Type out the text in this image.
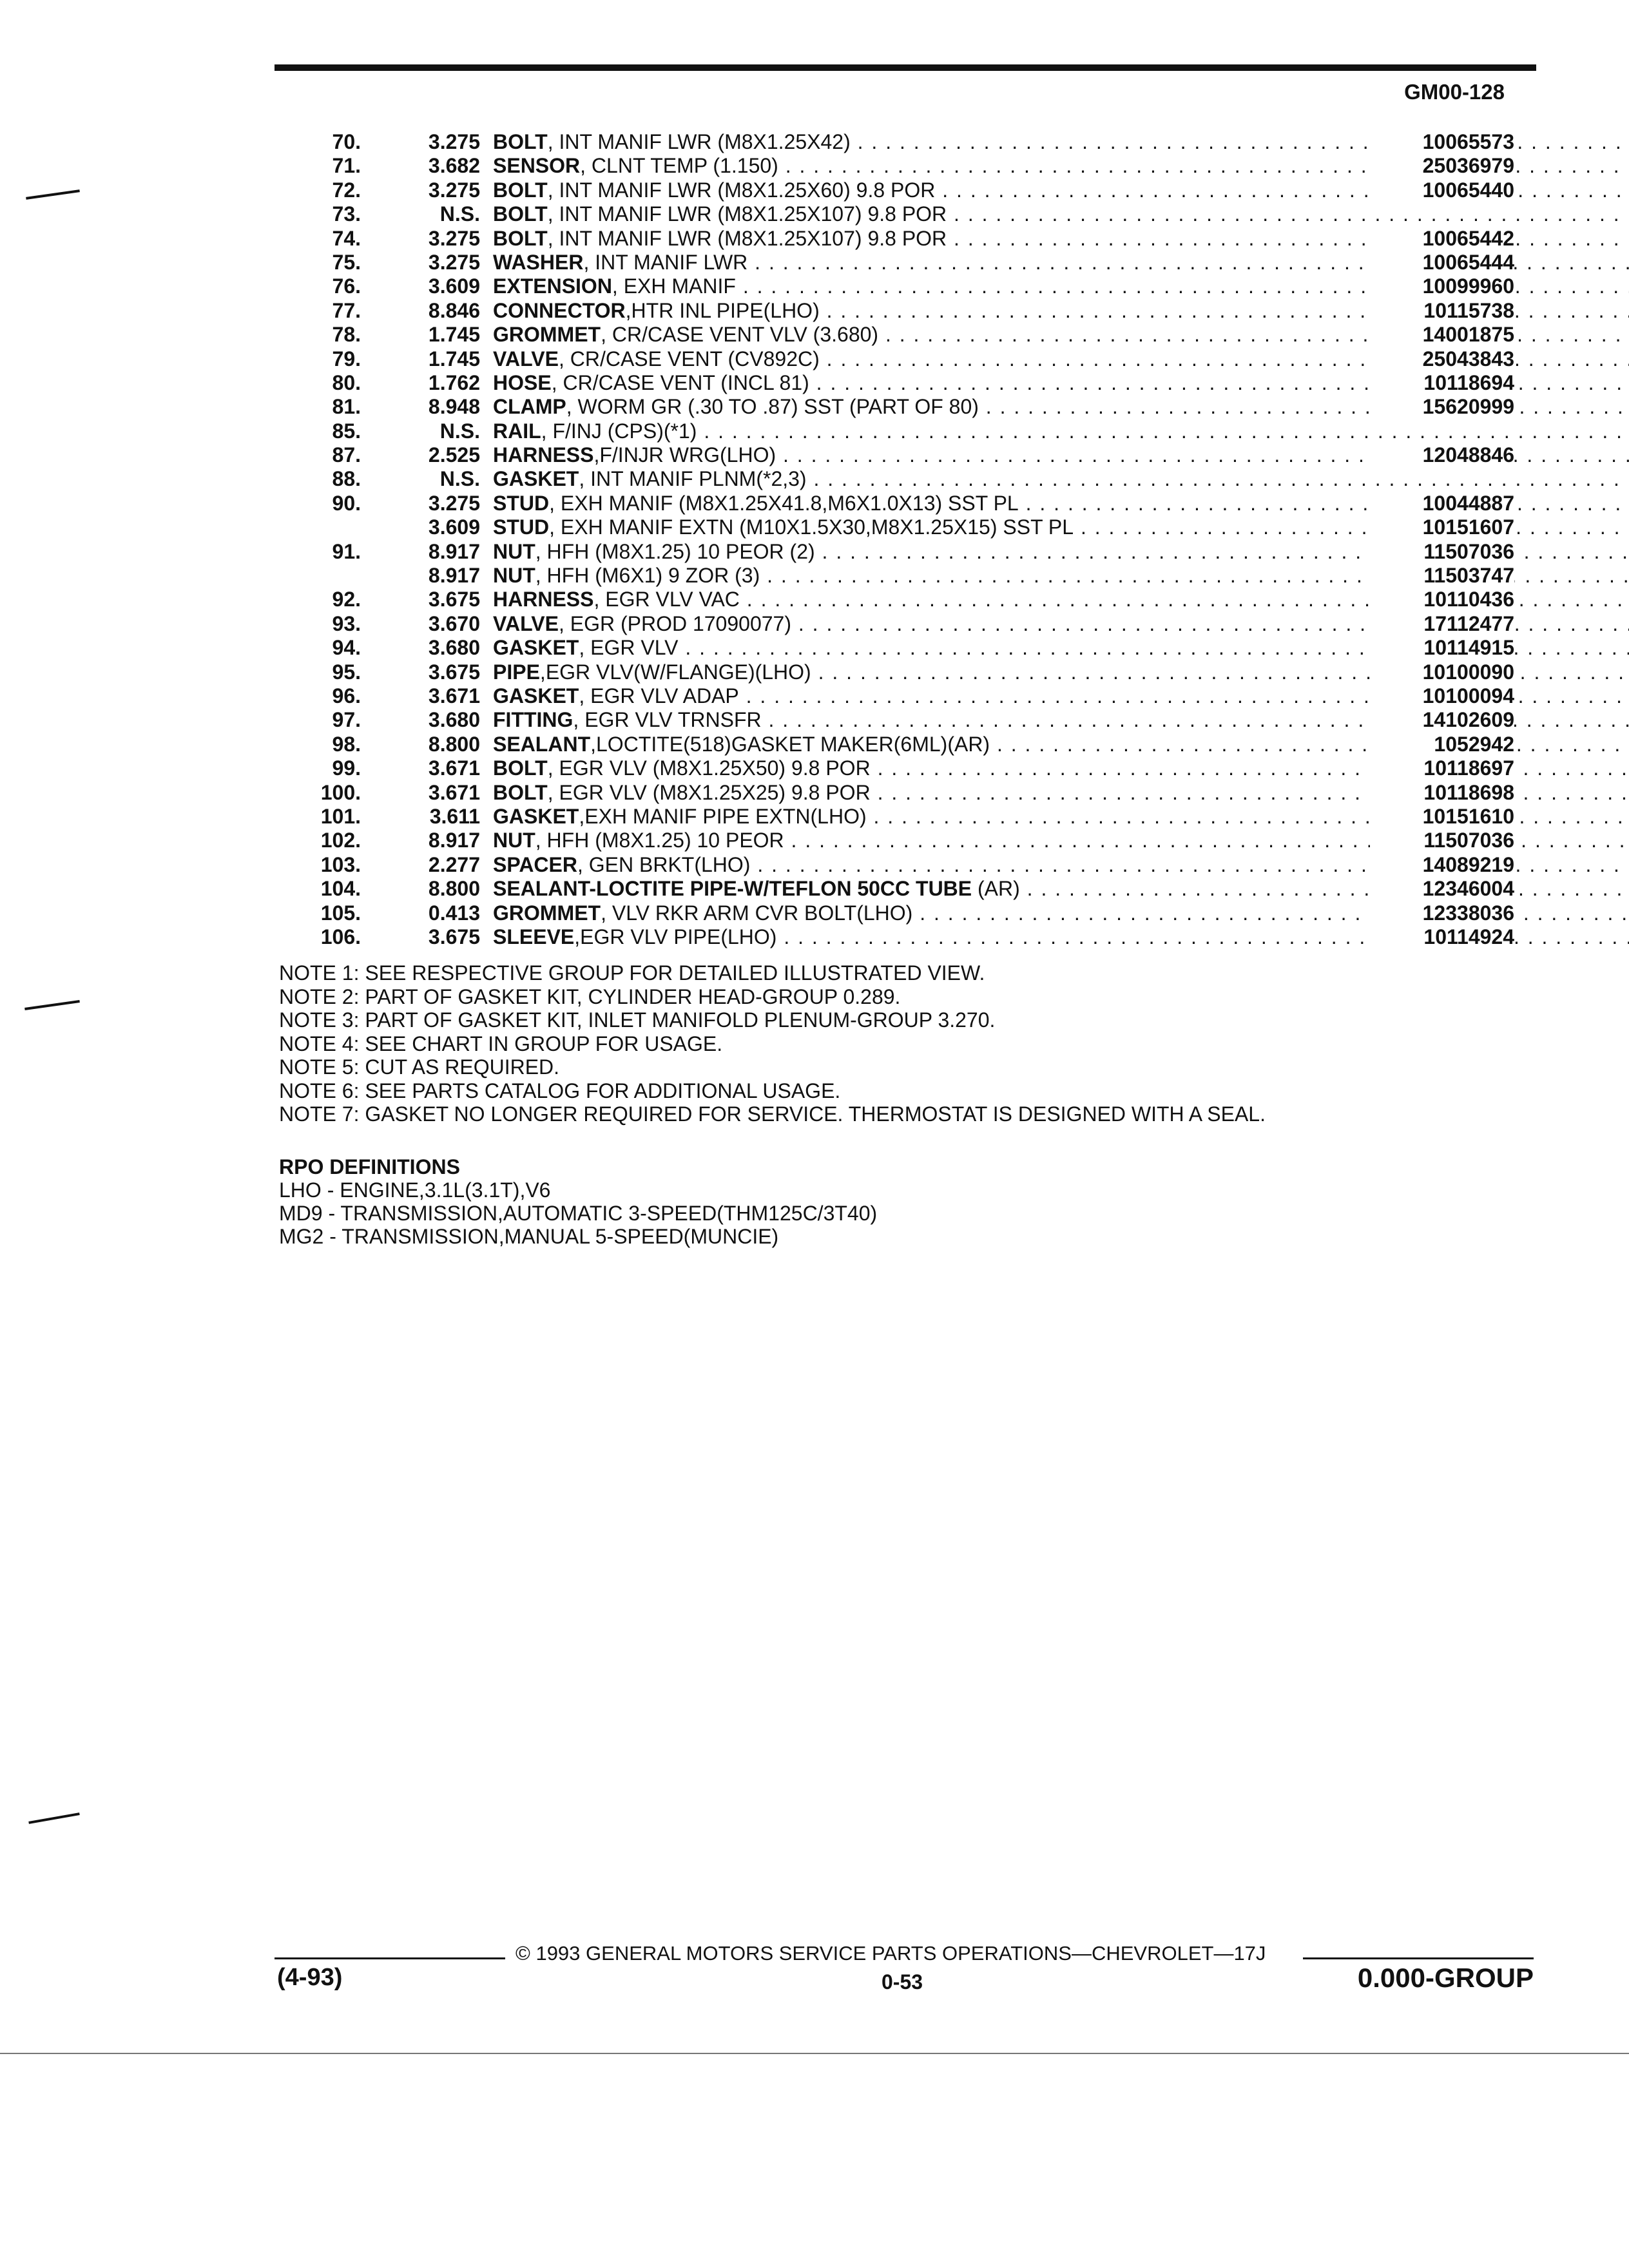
GM00-128
70.	3.275 BOLT, INT MANIF LWR (M8X1.25X42) . . .	10065573
71.	3.682 SENSOR, CLNT TEMP (1.150) . . .	25036979
72.	3.275 BOLT, INT MANIF LWR (M8X1.25X60) 9.8 POR . . .	10065440
73.	N.S. BOLT, INT MANIF LWR (M8X1.25X107) 9.8 POR . . .
74.	3.275 BOLT, INT MANIF LWR (M8X1.25X107) 9.8 POR . . .	10065442
75.	3.275 WASHER, INT MANIF LWR . . .	10065444
76.	3.609 EXTENSION, EXH MANIF . . .	10099960
77.	8.846 CONNECTOR,HTR INL PIPE(LHO) . . .	10115738
78.	1.745 GROMMET, CR/CASE VENT VLV (3.680) . . .	14001875
79.	1.745 VALVE, CR/CASE VENT (CV892C) . . .	25043843
80.	1.762 HOSE, CR/CASE VENT (INCL 81) . . .	10118694
81.	8.948 CLAMP, WORM GR (.30 TO .87) SST (PART OF 80) . . .	15620999
85.	N.S. RAIL, F/INJ (CPS)(*1) . . .
87.	2.525 HARNESS,F/INJR WRG(LHO) . . .	12048846
88.	N.S. GASKET, INT MANIF PLNM(*2,3) . . .
90.	3.275 STUD, EXH MANIF (M8X1.25X41.8,M6X1.0X13) SST PL . . .	10044887
3.609 STUD, EXH MANIF EXTN (M10X1.5X30,M8X1.25X15) SST PL . . .	10151607
91.	8.917 NUT, HFH (M8X1.25) 10 PEOR (2) . . .	11507036
8.917 NUT, HFH (M6X1) 9 ZOR (3) . . .	11503747
92.	3.675 HARNESS, EGR VLV VAC . . .	10110436
93.	3.670 VALVE, EGR (PROD 17090077) . . .	17112477
94.	3.680 GASKET, EGR VLV . . .	10114915
95.	3.675 PIPE,EGR VLV(W/FLANGE)(LHO) . . .	10100090
96.	3.671 GASKET, EGR VLV ADAP . . .	10100094
97.	3.680 FITTING, EGR VLV TRNSFR . . .	14102609
98.	8.800 SEALANT,LOCTITE(518)GASKET MAKER(6ML)(AR) . . .	1052942
99.	3.671 BOLT, EGR VLV (M8X1.25X50) 9.8 POR . . .	10118697
100.	3.671 BOLT, EGR VLV (M8X1.25X25) 9.8 POR . . .	10118698
101.	3.611 GASKET,EXH MANIF PIPE EXTN(LHO) . . .	10151610
102.	8.917 NUT, HFH (M8X1.25) 10 PEOR . . .	11507036
103.	2.277 SPACER, GEN BRKT(LHO) . . .	14089219
104.	8.800 SEALANT-LOCTITE PIPE-W/TEFLON 50CC TUBE (AR) . . .	12346004
105.	0.413 GROMMET, VLV RKR ARM CVR BOLT(LHO) . . .	12338036
106.	3.675 SLEEVE,EGR VLV PIPE(LHO) . . .	10114924
NOTE 1: SEE RESPECTIVE GROUP FOR DETAILED ILLUSTRATED VIEW.
NOTE 2: PART OF GASKET KIT, CYLINDER HEAD-GROUP 0.289.
NOTE 3: PART OF GASKET KIT, INLET MANIFOLD PLENUM-GROUP 3.270.
NOTE 4: SEE CHART IN GROUP FOR USAGE.
NOTE 5: CUT AS REQUIRED.
NOTE 6: SEE PARTS CATALOG FOR ADDITIONAL USAGE.
NOTE 7: GASKET NO LONGER REQUIRED FOR SERVICE. THERMOSTAT IS DESIGNED WITH A SEAL.
RPO DEFINITIONS
LHO - ENGINE,3.1L(3.1T),V6
MD9 - TRANSMISSION,AUTOMATIC 3-SPEED(THM125C/3T40)
MG2 - TRANSMISSION,MANUAL 5-SPEED(MUNCIE)
© 1993 GENERAL MOTORS SERVICE PARTS OPERATIONS—CHEVROLET—17J
(4-93)	0-53	0.000-GROUP
